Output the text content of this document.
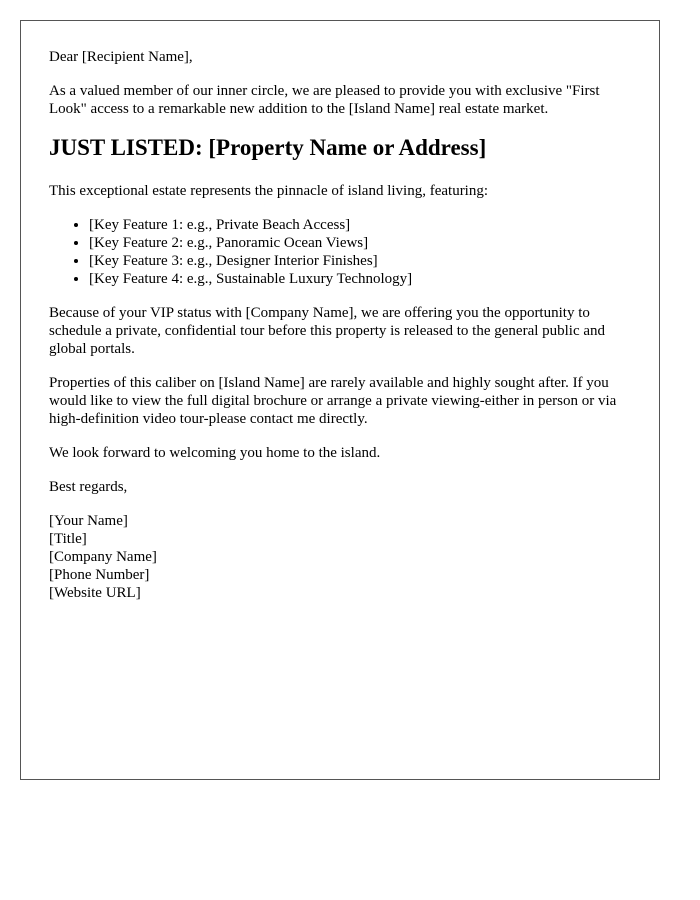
Dear [Recipient Name],

As a valued member of our inner circle, we are pleased to provide you with exclusive "First Look" access to a remarkable new addition to the [Island Name] real estate market.

JUST LISTED: [Property Name or Address]

This exceptional estate represents the pinnacle of island living, featuring:

• [Key Feature 1: e.g., Private Beach Access]
• [Key Feature 2: e.g., Panoramic Ocean Views]
• [Key Feature 3: e.g., Designer Interior Finishes]
• [Key Feature 4: e.g., Sustainable Luxury Technology]

Because of your VIP status with [Company Name], we are offering you the opportunity to schedule a private, confidential tour before this property is released to the general public and global portals.

Properties of this caliber on [Island Name] are rarely available and highly sought after. If you would like to view the full digital brochure or arrange a private viewing-either in person or via high-definition video tour-please contact me directly.

We look forward to welcoming you home to the island.

Best regards,

[Your Name]

[Title]

[Company Name]

[Phone Number]

[Website URL]
